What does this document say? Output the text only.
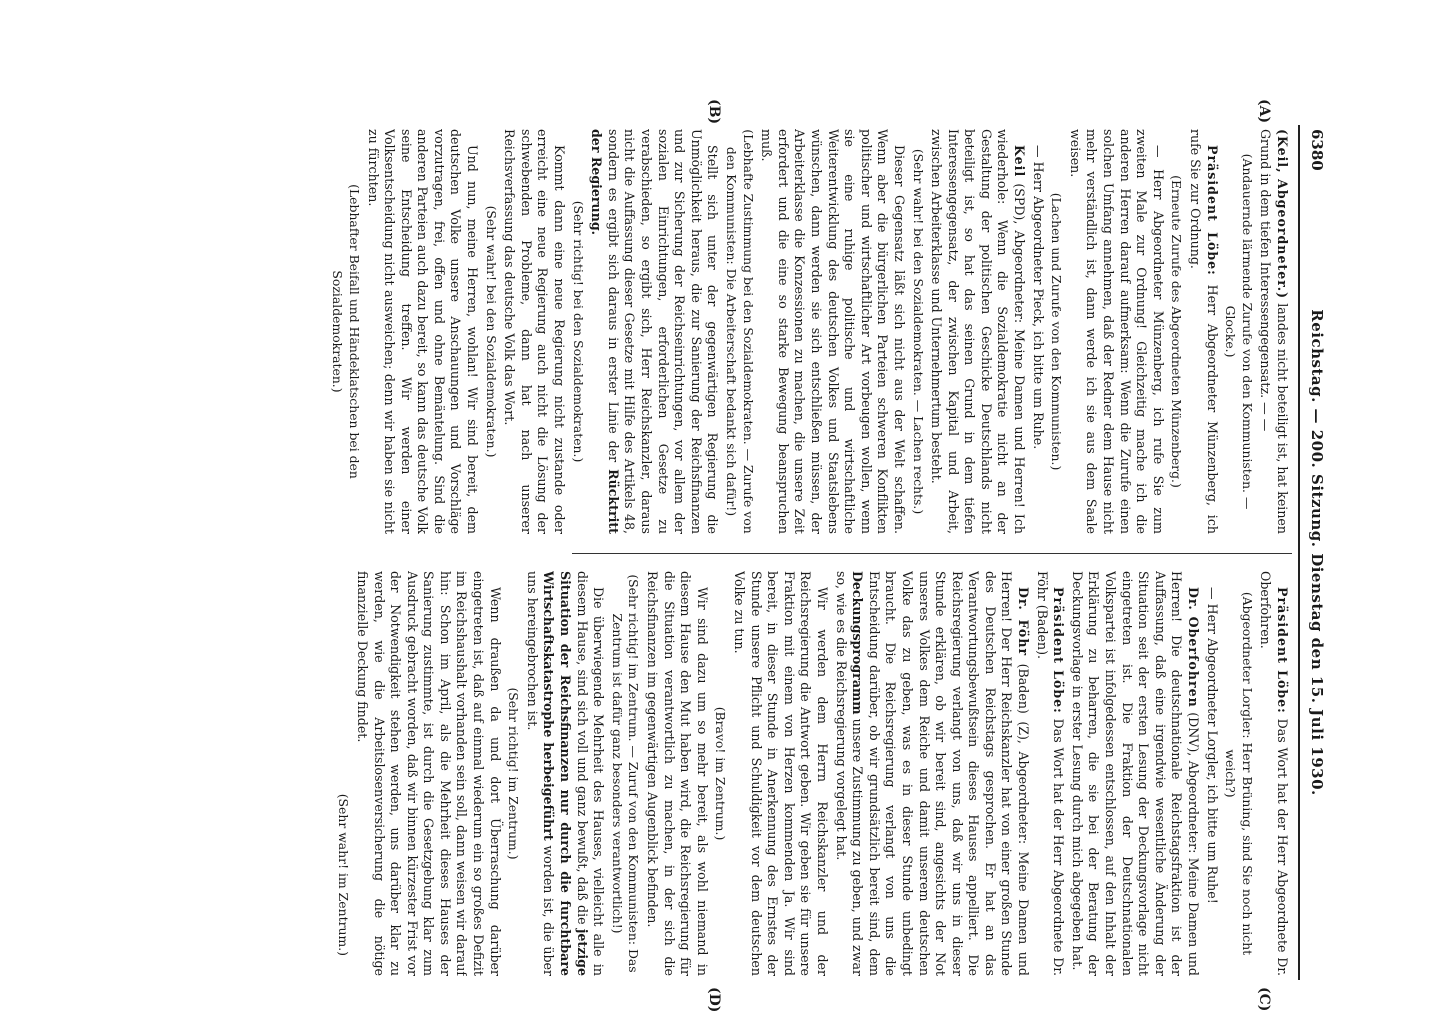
6380
Reichstag. — 200. Sitzung. Dienstag den 15. Juli 1930.
(A)
(B)
(C)
(D)

(Keil, Abgeordneter.) landes nicht beteiligt ist, hat keinen Grund in dem tiefen Interessengegensatz. — —

(Andauernde lärmende Zurufe von den Kommunisten. — Glocke.)

Präsident Löbe: Herr Abgeordneter Münzenberg, ich rufe Sie zur Ordnung.

(Erneute Zurufe des Abgeordneten Münzenberg.)

— Herr Abgeordneter Münzenberg, ich rufe Sie zum zweiten Male zur Ordnung! Gleichzeitig mache ich die anderen Herren darauf aufmerksam: Wenn die Zurufe einen solchen Umfang annehmen, daß der Redner dem Hause nicht mehr verständlich ist, dann werde ich sie aus dem Saale weisen.

(Lachen und Zurufe von den Kommunisten.)

— Herr Abgeordneter Pieck, ich bitte um Ruhe.

Keil (SPD), Abgeordneter: Meine Damen und Herren! Ich wiederhole: Wenn die Sozialdemokratie nicht an der Gestaltung der politischen Geschicke Deutschlands nicht beteiligt ist, so hat das seinen Grund in dem tiefen Interessengegensatz, der zwischen Kapital und Arbeit, zwischen Arbeiterklasse und Unternehmertum besteht.

(Sehr wahr! bei den Sozialdemokraten. — Lachen rechts.)

Dieser Gegensatz läßt sich nicht aus der Welt schaffen. Wenn aber die bürgerlichen Parteien schweren Konflikten politischer und wirtschaftlicher Art vorbeugen wollen, wenn sie eine ruhige politische und wirtschaftliche Weiterentwicklung des deutschen Volkes und Staatslebens wünschen, dann werden sie sich entschließen müssen, der Arbeiterklasse die Konzessionen zu machen, die unsere Zeit erfordert und die eine so starke Bewegung beanspruchen muß.

(Lebhafte Zustimmung bei den Sozialdemokraten. — Zurufe von den Kommunisten: Die Arbeiterschaft bedankt sich dafür!)

Stellt sich unter der gegenwärtigen Regierung die Unmöglichkeit heraus, die zur Sanierung der Reichsfinanzen und zur Sicherung der Reichseinrichtungen, vor allem der sozialen Einrichtungen, erforderlichen Gesetze zu verabschieden, so ergibt sich, Herr Reichskanzler, daraus nicht die Auffassung dieser Gesetze mit Hilfe des Artikels 48, sondern es ergibt sich daraus in erster Linie der Rücktritt der Regierung.

(Sehr richtig! bei den Sozialdemokraten.)

Kommt dann eine neue Regierung nicht zustande oder erreicht eine neue Regierung auch nicht die Lösung der schwebenden Probleme, dann hat nach unserer Reichsverfassung das deutsche Volk das Wort.

(Sehr wahr! bei den Sozialdemokraten.)

Und nun, meine Herren, wohlan! Wir sind bereit, dem deutschen Volke unsere Anschauungen und Vorschläge vorzutragen, frei, offen und ohne Bemäntelung. Sind die anderen Parteien auch dazu bereit, so kann das deutsche Volk seine Entscheidung treffen. Wir werden einer Volksentscheidung nicht ausweichen; denn wir haben sie nicht zu fürchten.

(Lebhafter Beifall und Händeklatschen bei den Sozialdemokraten.)

Präsident Löbe: Das Wort hat der Herr Abgeordnete Dr. Oberfohren.

(Abgeordneter Lorgler: Herr Brüning, sind Sie noch nicht weich?)

— Herr Abgeordneter Lorgler, ich bitte um Ruhe!

Dr. Oberfohren (DNV), Abgeordneter: Meine Damen und Herren! Die deutschnationale Reichstagsfraktion ist der Auffassung, daß eine irgendwie wesentliche Änderung der Situation seit der ersten Lesung der Deckungsvorlage nicht eingetreten ist. Die Fraktion der Deutschnationalen Volkspartei ist infolgedessen entschlossen, auf den Inhalt der Erklärung zu beharren, die sie bei der Beratung der Deckungsvorlage in erster Lesung durch mich abgegeben hat.

Präsident Löbe: Das Wort hat der Herr Abgeordnete Dr. Föhr (Baden).

Dr. Föhr (Baden) (Z), Abgeordneter: Meine Damen und Herren! Der Herr Reichskanzler hat von einer großen Stunde des Deutschen Reichstags gesprochen. Er hat an das Verantwortungsbewußtsein dieses Hauses appelliert. Die Reichsregierung verlangt von uns, daß wir uns in dieser Stunde erklären, ob wir bereit sind, angesichts der Not unseres Volkes dem Reiche und damit unserem deutschen Volke das zu geben, was es in dieser Stunde unbedingt braucht. Die Reichsregierung verlangt von uns die Entscheidung darüber, ob wir grundsätzlich bereit sind, dem Deckungsprogramm unsere Zustimmung zu geben, und zwar so, wie es die Reichsregierung vorgelegt hat.

Wir werden dem Herrn Reichskanzler und der Reichsregierung die Antwort geben. Wir geben sie für unsere Fraktion mit einem von Herzen kommenden Ja. Wir sind bereit, in dieser Stunde in Anerkennung des Ernstes der Stunde unsere Pflicht und Schuldigkeit vor dem deutschen Volke zu tun.

(Bravo! im Zentrum.)

Wir sind dazu um so mehr bereit, als wohl niemand in diesem Hause den Mut haben wird, die Reichsregierung für die Situation verantwortlich zu machen, in der sich die Reichsfinanzen im gegenwärtigen Augenblick befinden.

(Sehr richtig! im Zentrum. — Zuruf von den Kommunisten: Das Zentrum ist dafür ganz besonders verantwortlich!)

Die überwiegende Mehrheit des Hauses, vielleicht alle in diesem Hause, sind sich voll und ganz bewußt, daß die jetzige Situation der Reichsfinanzen nur durch die furchtbare Wirtschaftskatastrophe herbeigeführt worden ist, die über uns hereingebrochen ist.

(Sehr richtig! im Zentrum.)

Wenn draußen da und dort Überraschung darüber eingetreten ist, daß auf einmal wiederum ein so großes Defizit im Reichshaushalt vorhanden sein soll, dann weisen wir darauf hin: Schon im April, als die Mehrheit dieses Hauses der Sanierung zustimmte, ist durch die Gesetzgebung klar zum Ausdruck gebracht worden, daß wir binnen kürzester Frist vor der Notwendigkeit stehen werden, uns darüber klar zu werden, wie die Arbeitslosenversicherung die nötige finanzielle Deckung findet.

(Sehr wahr! im Zentrum.)
